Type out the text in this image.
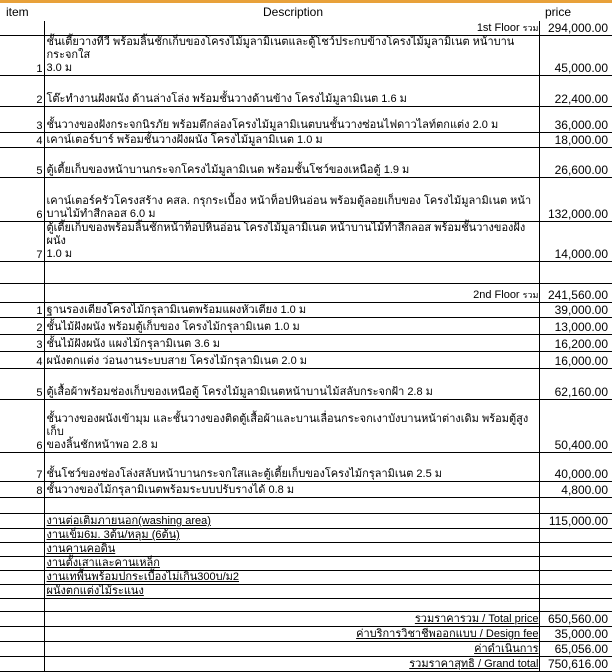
item	Description	price
	1st Floor รวม	294,000.00
1	ชั้นเตี้ยวางทีวี พร้อมลิ้นชักเก็บของโครงไม้มูลามิเนตและตู้โชว์ประกบข้างโครงไม้มูลามิเนต หน้าบานกระจกใส
3.0 ม	45,000.00
2	โต๊ะทำงานฝังผนัง ด้านล่างโล่ง พร้อมชั้นวางด้านข้าง โครงไม้มูลามิเนต 1.6 ม	22,400.00
3	ชั้นวางของฝังกระจกนิรภัย พร้อมตึกล่องโครงไม้มูลามิเนตบนชั้นวางซ่อนไฟดาวไลท์ตกแต่ง 2.0 ม	36,000.00
4	เคาน์เตอร์บาร์ พร้อมชั้นวางฝังผนัง โครงไม้มูลามิเนต 1.0 ม	18,000.00
5	ตู้เตี้ยเก็บของหน้าบานกระจกโครงไม้มูลามิเนต พร้อมชั้นโชว์ของเหนือตู้ 1.9 ม	26,600.00
6	เคาน์เตอร์ครัวโครงสร้าง คสล. กรุกระเบื้อง หน้าท็อปหินอ่อน พร้อมตู้ลอยเก็บของ โครงไม้มูลามิเนต หน้า
บานไม้ทำสีกลอส 6.0 ม	132,000.00
7	ตู้เตี้ยเก็บของพร้อมลิ้นชักหน้าท็อปหินอ่อน โครงไม้มูลามิเนต หน้าบานไม้ทำสีกลอส พร้อมชั้นวางของฝังผนัง
1.0 ม	14,000.00

	2nd Floor รวม	241,560.00
1	ฐานรองเตียงโครงไม้กรุลามิเนตพร้อมแผงหัวเตียง 1.0 ม	39,000.00
2	ชั้นไม้ฝังผนัง พร้อมตู้เก็บของ โครงไม้กรุลามิเนต 1.0 ม	13,000.00
3	ชั้นไม้ฝังผนัง แผงไม้กรุลามิเนต 3.6 ม	16,200.00
4	ผนังตกแต่ง ว่อนงานระบบสาย โครงไม้กรุลามิเนต 2.0 ม	16,000.00
5	ตู้เสื้อผ้าพร้อมช่องเก็บของเหนือตู้ โครงไม้มูลามิเนตหน้าบานไม้สลับกระจกฝ้า 2.8 ม	62,160.00
6	ชั้นวางของผนังเข้ามุม และชั้นวางของติดตู้เสื้อผ้าและบานเลื่อนกระจกเงาบังบานหน้าต่างเดิม พร้อมตู้สูงเก็บ
ของลิ้นชักหน้าพอ 2.8 ม	50,400.00
7	ชั้นโชว์ของช่องโล่งสลับหน้าบานกระจกใสและตู้เตี้ยเก็บของโครงไม้กรุลามิเนต 2.5 ม	40,000.00
8	ชั้นวางของไม้กรุลามิเนตพร้อมระบบปรับรางได้ 0.8 ม	4,800.00

	งานต่อเติมภายนอก(washing area)	115,000.00
	งานเข็ม6ม. 3ต้น/หลุม (6ต้น)	
	งานคานคอดิน	
	งานตั้งเสาและคานเหล็ก	
	งานเทพื้นพร้อมปกระเบื้องไม่เกิน300บ/ม2	
	ผนังตกแต่งไม้ระแนง	

	รวมราคารวม / Total price	650,560.00
	ค่าบริการวิชาชีพออกแบบ / Design fee	35,000.00
	ค่าดำเนินการ	65,056.00
	รวมราคาสุทธิ / Grand total	750,616.00
